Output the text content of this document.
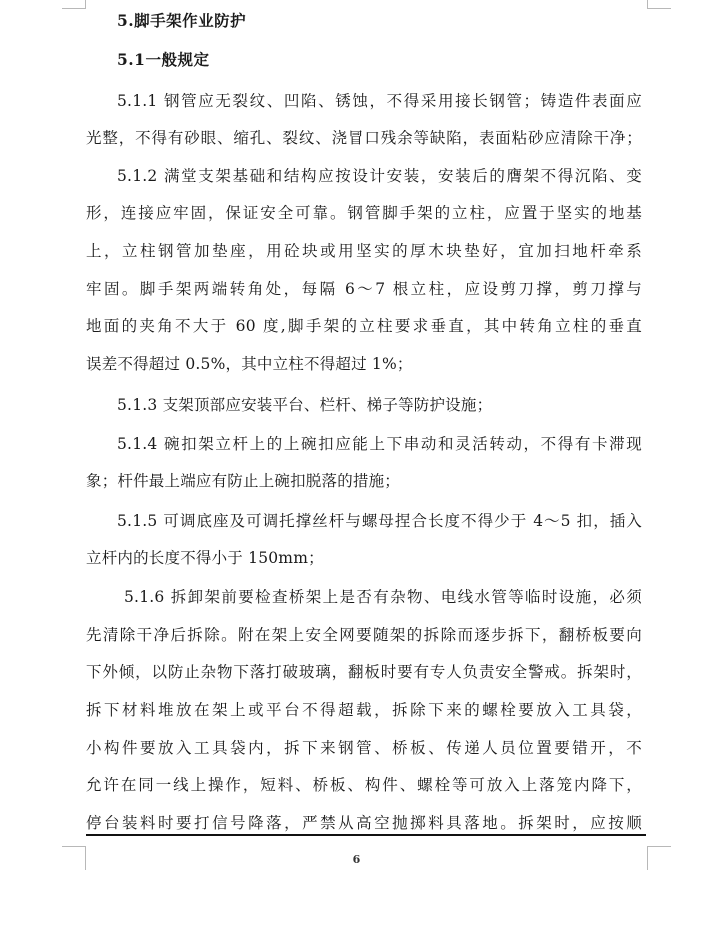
5.脚手架作业防护
5.1一般规定
5.1.1 钢管应无裂纹、凹陷、锈蚀，不得采用接长钢管；铸造件表面应
光整，不得有砂眼、缩孔、裂纹、浇冒口残余等缺陷，表面粘砂应清除干净；
5.1.2 满堂支架基础和结构应按设计安装，安装后的膺架不得沉陷、变
形，连接应牢固，保证安全可靠。钢管脚手架的立柱，应置于坚实的地基
上，立柱钢管加垫座，用砼块或用坚实的厚木块垫好，宜加扫地杆牵系
牢固。脚手架两端转角处，每隔 6～7 根立柱，应设剪刀撑，剪刀撑与
地面的夹角不大于 60 度,脚手架的立柱要求垂直，其中转角立柱的垂直
误差不得超过 0.5%，其中立柱不得超过 1%；
5.1.3 支架顶部应安装平台、栏杆、梯子等防护设施；
5.1.4 碗扣架立杆上的上碗扣应能上下串动和灵活转动，不得有卡滞现
象；杆件最上端应有防止上碗扣脱落的措施；
5.1.5 可调底座及可调托撑丝杆与螺母捏合长度不得少于 4～5 扣，插入
立杆内的长度不得小于 150mm；
5.1.6 拆卸架前要检查桥架上是否有杂物、电线水管等临时设施，必须
先清除干净后拆除。附在架上安全网要随架的拆除而逐步拆下，翻桥板要向
下外倾，以防止杂物下落打破玻璃，翻板时要有专人负责安全警戒。拆架时，
拆下材料堆放在架上或平台不得超载，拆除下来的螺栓要放入工具袋，
小构件要放入工具袋内，拆下来钢管、桥板、传递人员位置要错开，不
允许在同一线上操作，短料、桥板、构件、螺栓等可放入上落笼内降下，
停台装料时要打信号降落，严禁从高空抛掷料具落地。拆架时，应按顺
6
